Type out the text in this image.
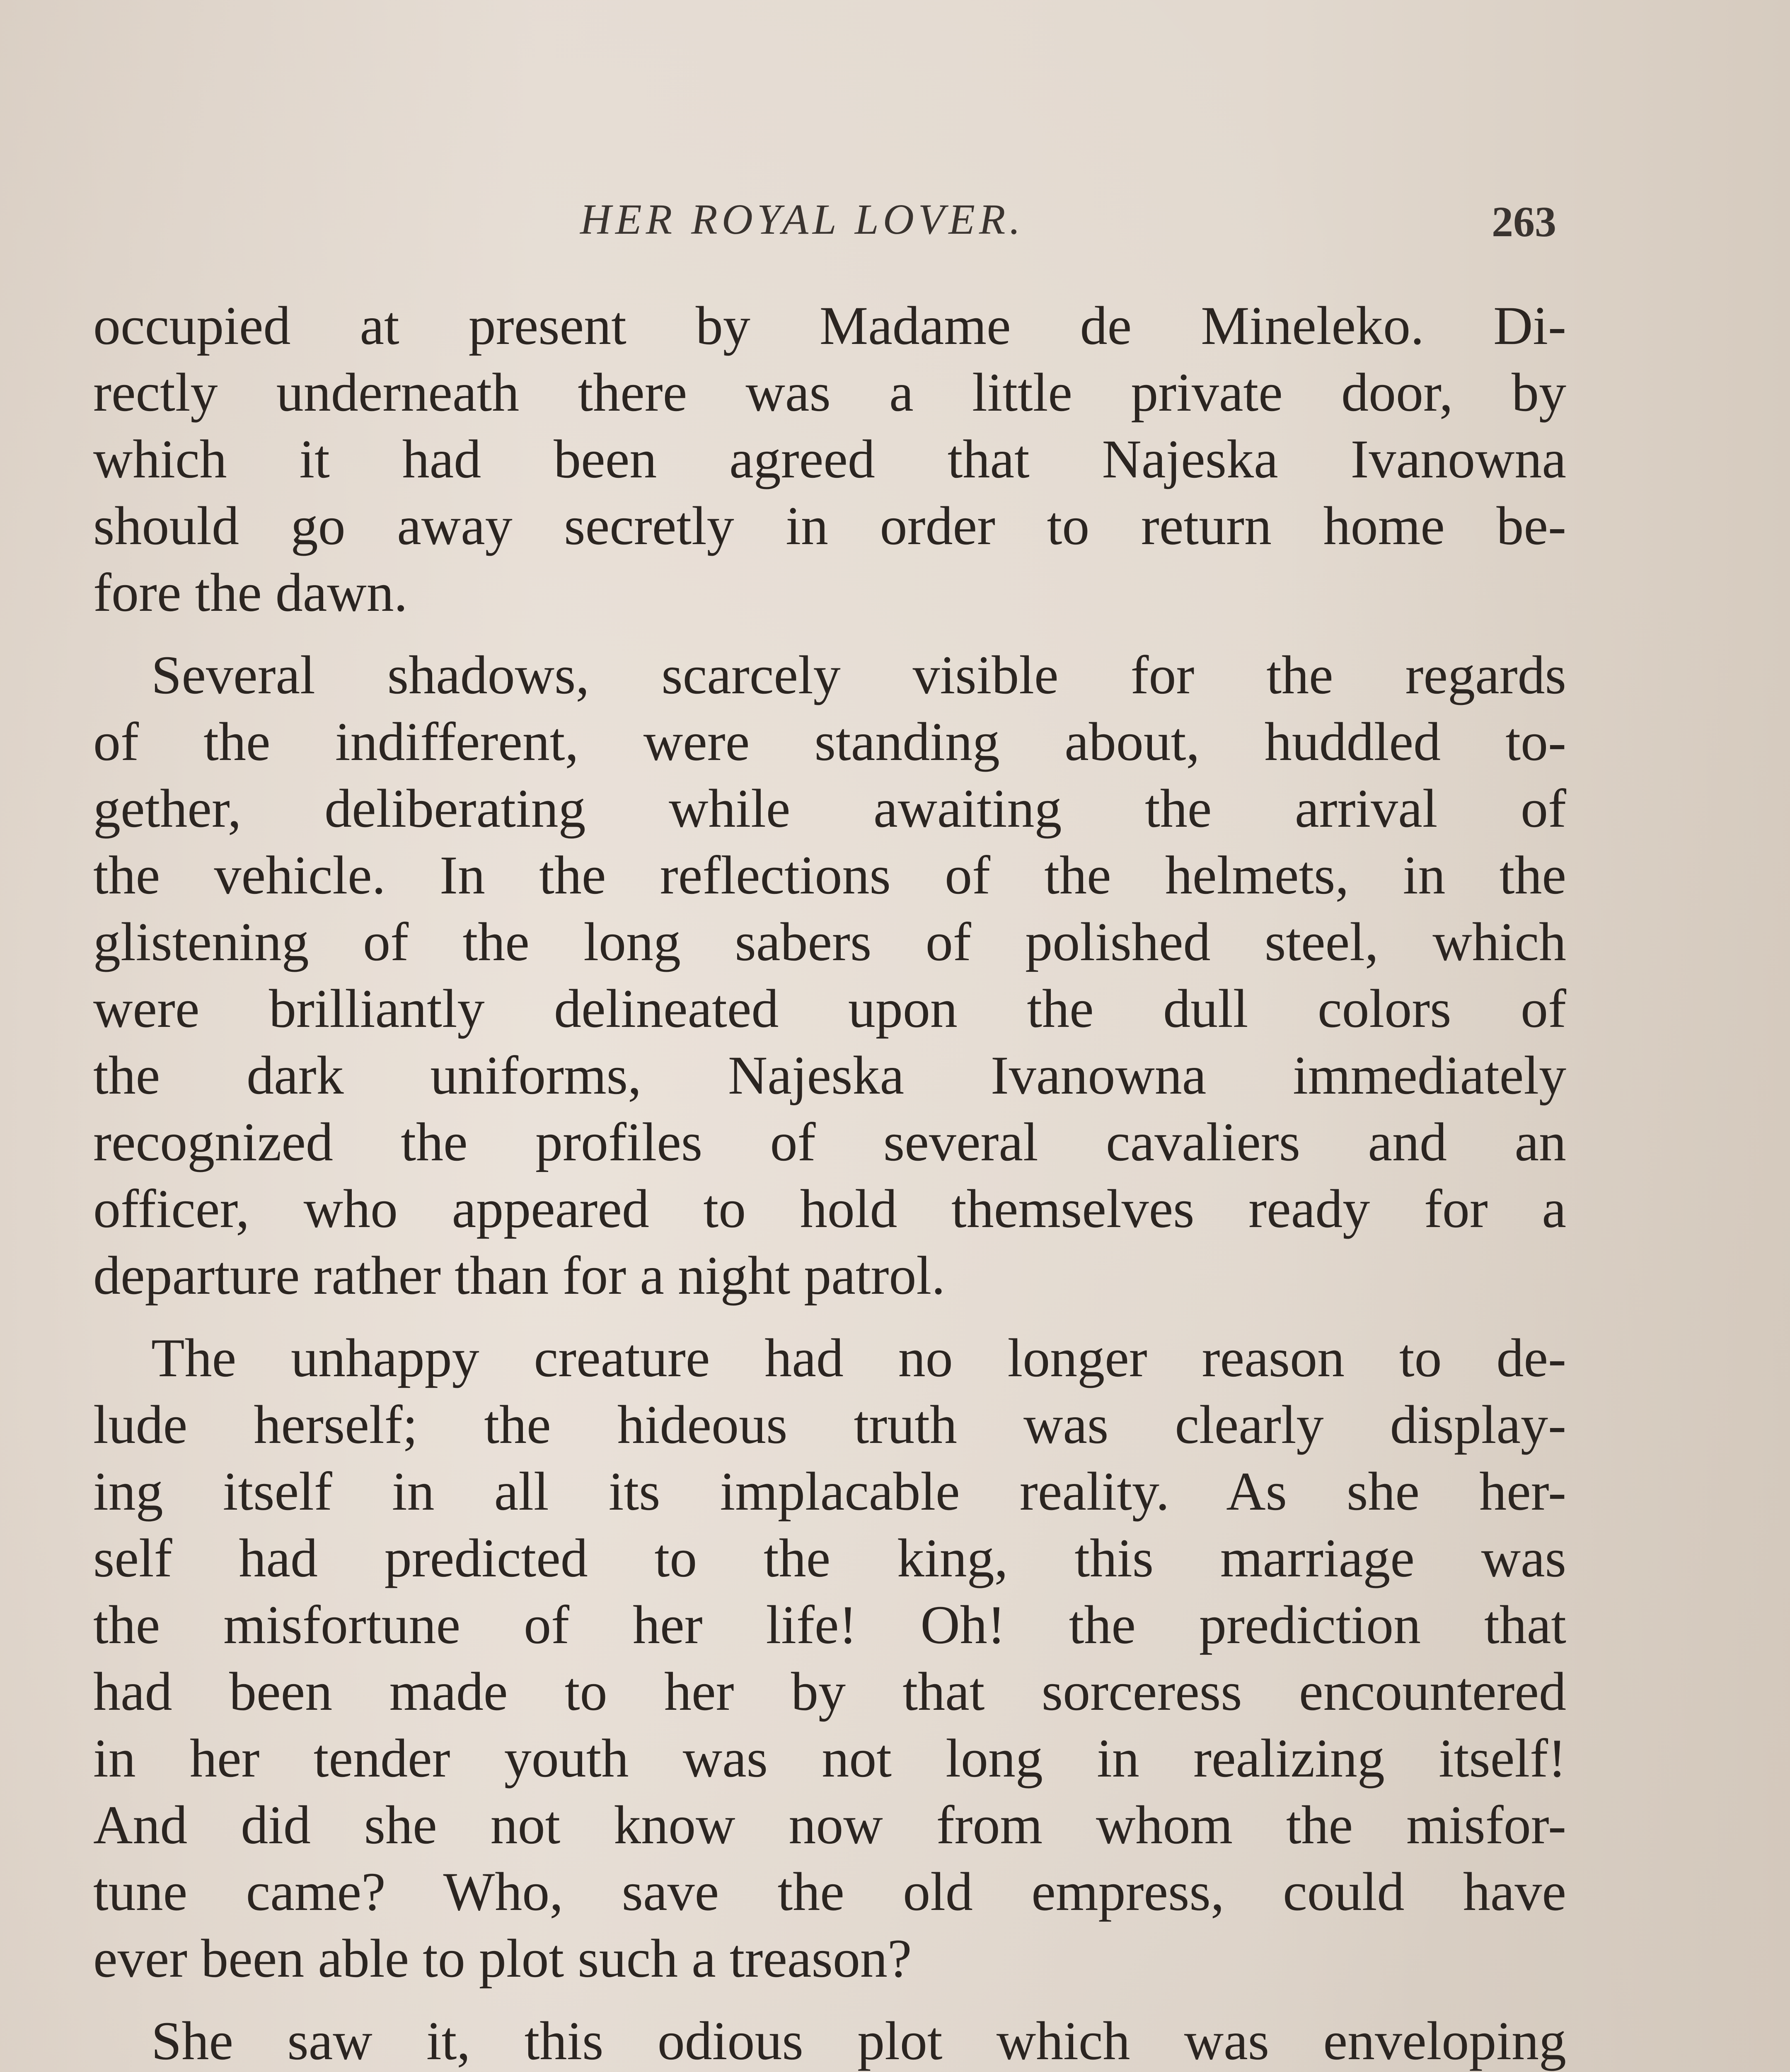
HER ROYAL LOVER.	263
occupied at present by Madame de Mineleko. Di-
rectly underneath there was a little private door, by
which it had been agreed that Najeska Ivanowna
should go away secretly in order to return home be-
fore the dawn.
Several shadows, scarcely visible for the regards
of the indifferent, were standing about, huddled to-
gether, deliberating while awaiting the arrival of
the vehicle. In the reflections of the helmets, in the
glistening of the long sabers of polished steel, which
were brilliantly delineated upon the dull colors of
the dark uniforms, Najeska Ivanowna immediately
recognized the profiles of several cavaliers and an
officer, who appeared to hold themselves ready for a
departure rather than for a night patrol.
The unhappy creature had no longer reason to de-
lude herself; the hideous truth was clearly display-
ing itself in all its implacable reality. As she her-
self had predicted to the king, this marriage was
the misfortune of her life! Oh! the prediction that
had been made to her by that sorceress encountered
in her tender youth was not long in realizing itself!
And did she not know now from whom the misfor-
tune came? Who, save the old empress, could have
ever been able to plot such a treason?
She saw it, this odious plot which was enveloping
